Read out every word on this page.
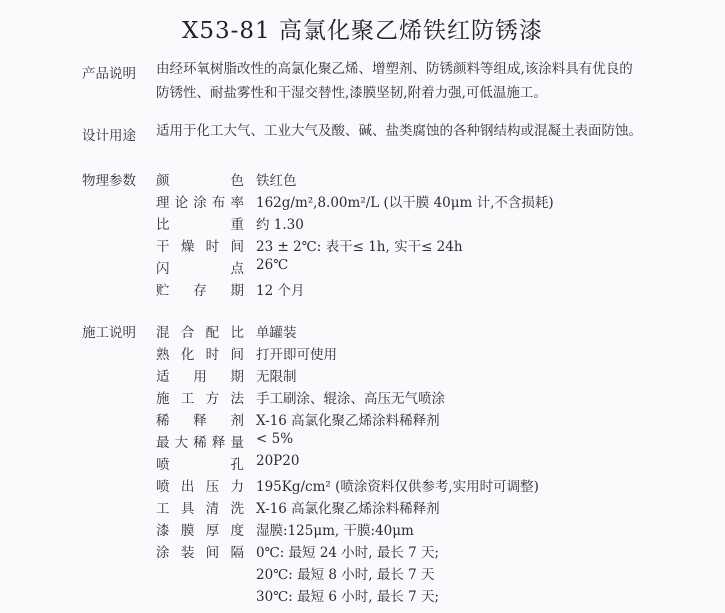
X53-81 高氯化聚乙烯铁红防锈漆
产品说明 由经环氧树脂改性的高氯化聚乙烯、增塑剂、防锈颜料等组成,该涂料具有优良的
防锈性、耐盐雾性和干湿交替性,漆膜坚韧,附着力强,可低温施工。
设计用途 适用于化工大气、工业大气及酸、碱、盐类腐蚀的各种钢结构或混凝土表面防蚀。
物理参数 颜色 铁红色
理论涂布率 162g/m²,8.00m²/L (以干膜 40μm 计,不含损耗)
比重 约 1.30
干燥时间 23 ± 2℃: 表干≤ 1h, 实干≤ 24h
闪点 26℃
贮存期 12 个月
施工说明 混合配比 单罐装
熟化时间 打开即可使用
适用期 无限制
施工方法 手工刷涂、辊涂、高压无气喷涂
稀释剂 X-16 高氯化聚乙烯涂料稀释剂
最大稀释量 < 5%
喷孔 20P20
喷出压力 195Kg/cm² (喷涂资料仅供参考,实用时可调整)
工具清洗 X-16 高氯化聚乙烯涂料稀释剂
漆膜厚度 湿膜:125μm, 干膜:40μm
涂装间隔 0℃: 最短 24 小时, 最长 7 天;
20℃: 最短 8 小时, 最长 7 天
30℃: 最短 6 小时, 最长 7 天;
